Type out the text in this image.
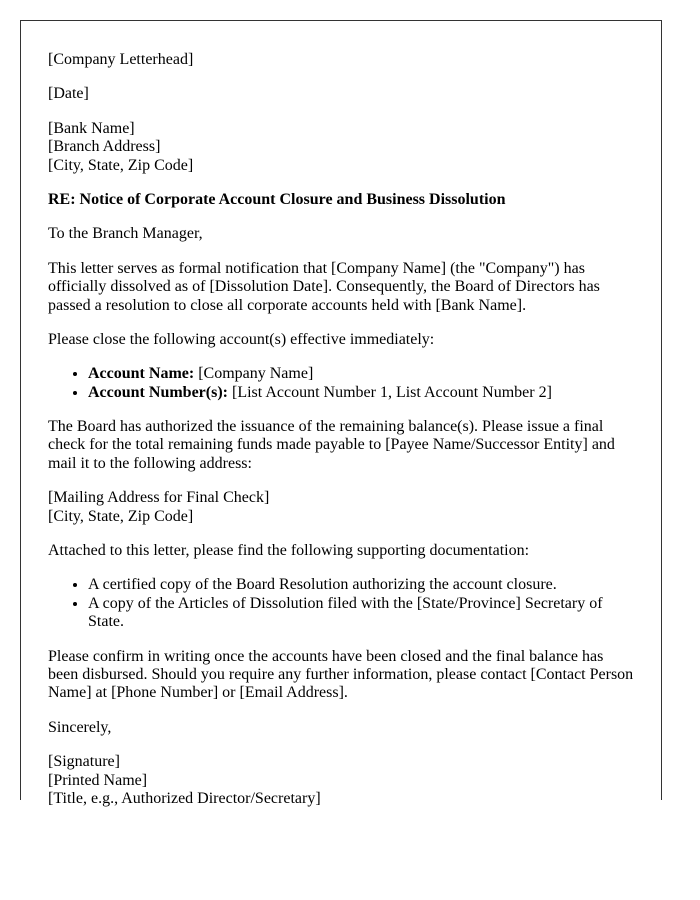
[Company Letterhead]

[Date]

[Bank Name]
[Branch Address]
[City, State, Zip Code]

RE: Notice of Corporate Account Closure and Business Dissolution

To the Branch Manager,

This letter serves as formal notification that [Company Name] (the "Company") has officially dissolved as of [Dissolution Date]. Consequently, the Board of Directors has passed a resolution to close all corporate accounts held with [Bank Name].

Please close the following account(s) effective immediately:

• Account Name: [Company Name]
• Account Number(s): [List Account Number 1, List Account Number 2]

The Board has authorized the issuance of the remaining balance(s). Please issue a final check for the total remaining funds made payable to [Payee Name/Successor Entity] and mail it to the following address:

[Mailing Address for Final Check]
[City, State, Zip Code]

Attached to this letter, please find the following supporting documentation:

• A certified copy of the Board Resolution authorizing the account closure.
• A copy of the Articles of Dissolution filed with the [State/Province] Secretary of State.

Please confirm in writing once the accounts have been closed and the final balance has been disbursed. Should you require any further information, please contact [Contact Person Name] at [Phone Number] or [Email Address].

Sincerely,

[Signature]
[Printed Name]
[Title, e.g., Authorized Director/Secretary]
